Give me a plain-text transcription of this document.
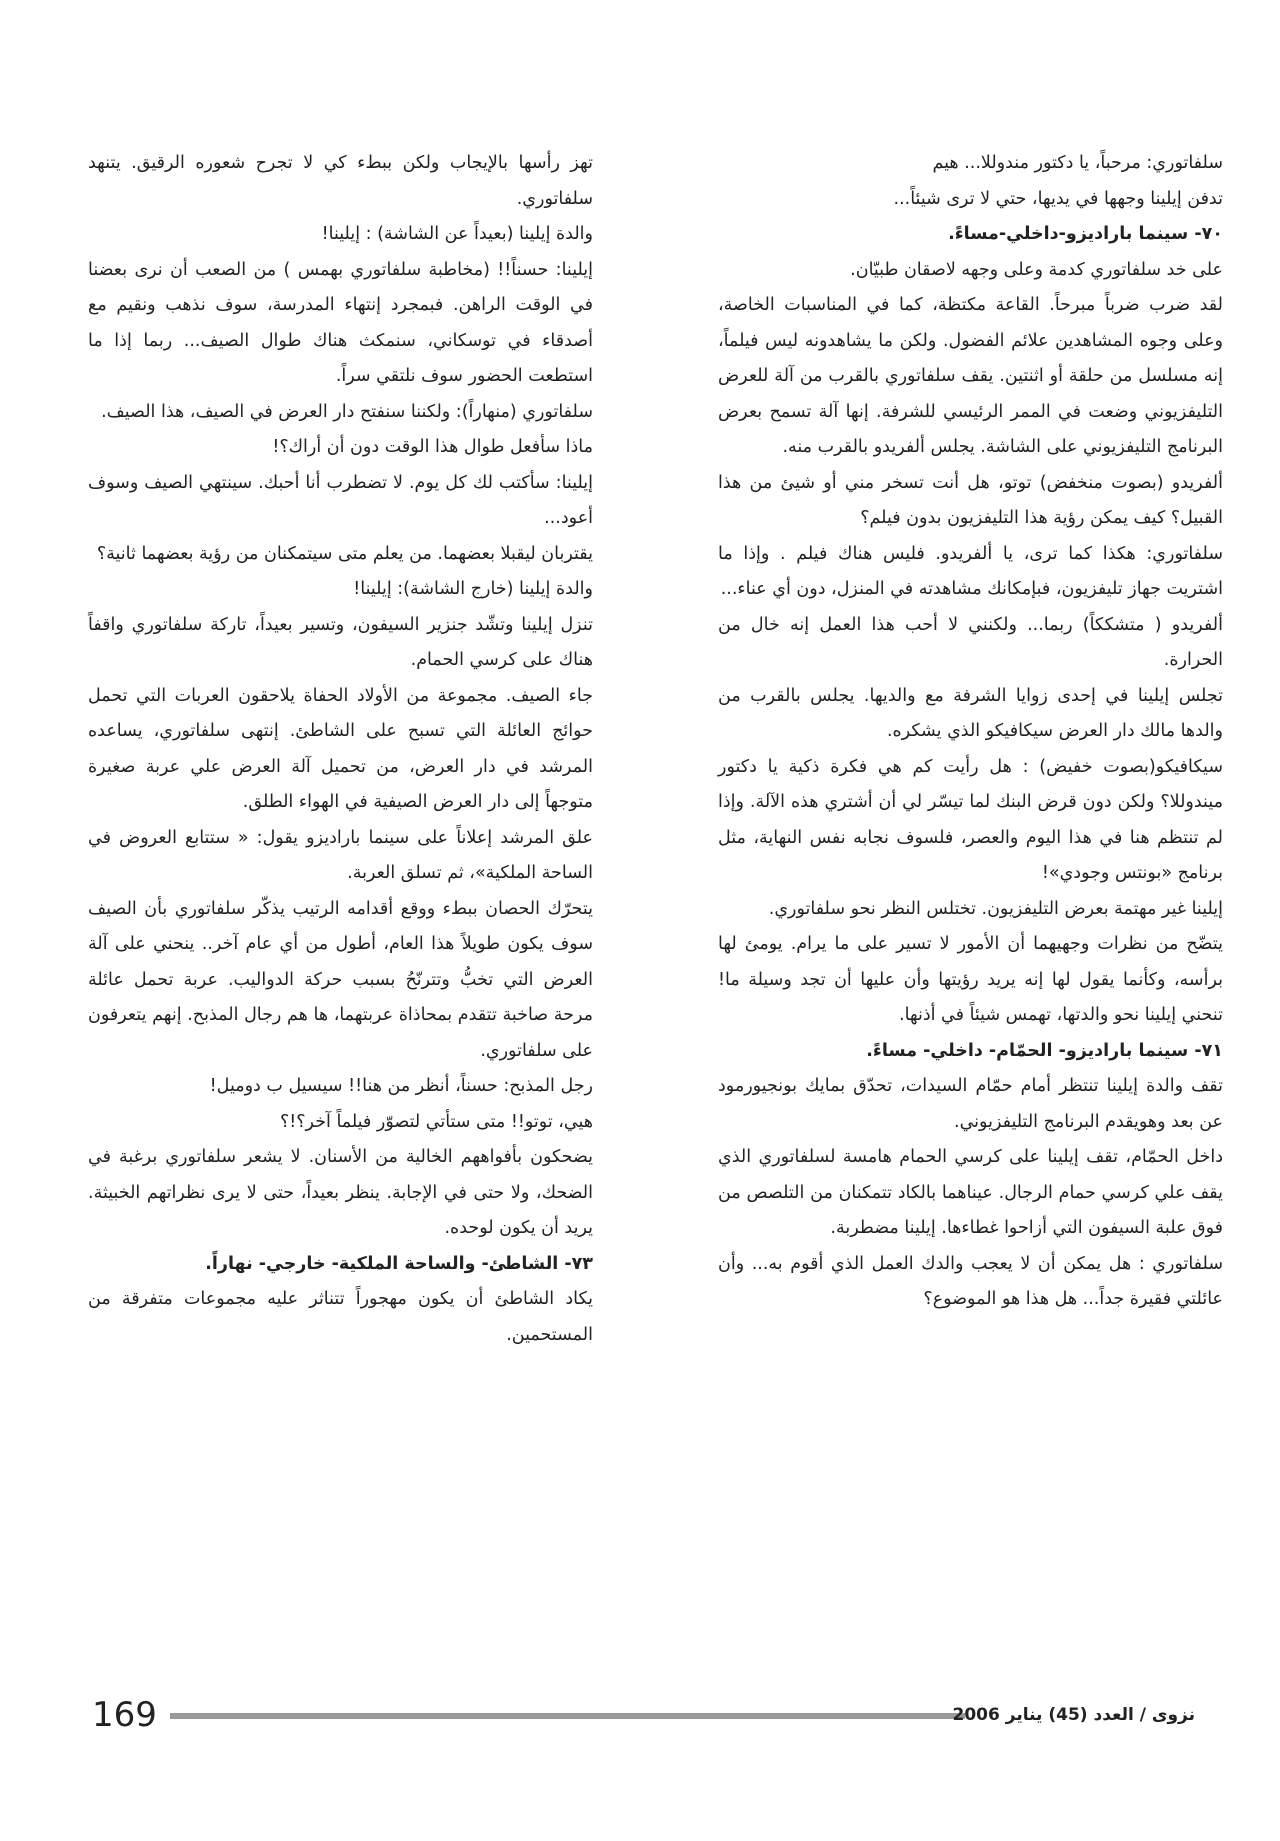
سلفاتوري: مرحباً، يا دكتور مندوللا... هيم

تدفن إيلينا وجهها في يديها، حتي لا ترى شيئاً...

٧٠- سينما باراديزو-داخلي-مساءً.

على خد سلفاتوري كدمة وعلى وجهه لاصقان طبيّان.

لقد ضرب ضرباً مبرحاً. القاعة مكتظة، كما في المناسبات الخاصة، وعلى وجوه المشاهدين علائم الفضول. ولكن ما يشاهدونه ليس فيلماً، إنه مسلسل من حلقة أو اثنتين. يقف سلفاتوري بالقرب من آلة للعرض التليفزيوني وضعت في الممر الرئيسي للشرفة. إنها آلة تسمح بعرض البرنامج التليفزيوني على الشاشة. يجلس ألفريدو بالقرب منه.

ألفريدو (بصوت منخفض) توتو، هل أنت تسخر مني أو شيئ من هذا القبيل؟ كيف يمكن رؤية هذا التليفزيون بدون فيلم؟

سلفاتوري: هكذا كما ترى، يا ألفريدو. فليس هناك فيلم . وإذا ما اشتريت جهاز تليفزيون، فبإمكانك مشاهدته في المنزل، دون أي عناء...

ألفريدو ( متشككاً) ربما... ولكنني لا أحب هذا العمل إنه خال من الحرارة.

تجلس إيلينا في إحدى زوايا الشرفة مع والديها. يجلس بالقرب من والدها مالك دار العرض سيكافيكو الذي يشكره.

سيكافيكو(بصوت خفيض) : هل رأيت كم هي فكرة ذكية يا دكتور ميندوللا؟ ولكن دون قرض البنك لما تيسّر لي أن أشتري هذه الآلة. وإذا لم تنتظم هنا في هذا اليوم والعصر، فلسوف نجابه نفس النهاية، مثل برنامج «بونتس وجودي»!

إيلينا غير مهتمة بعرض التليفزيون. تختلس النظر نحو سلفاتوري.

يتضّح من نظرات وجهيهما أن الأمور لا تسير على ما يرام. يومئ لها برأسه، وكأنما يقول لها إنه يريد رؤيتها وأن عليها أن تجد وسيلة ما! تنحني إيلينا نحو والدتها، تهمس شيئاً في أذنها.

٧١- سينما باراديزو- الحمّام- داخلي- مساءً.

تقف والدة إيلينا تنتظر أمام حمّام السيدات، تحدّق بمايك بونجيورمود عن بعد وهويقدم البرنامج التليفزيوني.

داخل الحمّام، تقف إيلينا على كرسي الحمام هامسة لسلفاتوري الذي يقف علي كرسي حمام الرجال. عيناهما بالكاد تتمكنان من التلصص من فوق علبة السيفون التي أزاحوا غطاءها. إيلينا مضطربة.

سلفاتوري : هل يمكن أن لا يعجب والدك العمل الذي أقوم به... وأن عائلتي فقيرة جداً... هل هذا هو الموضوع؟

تهز رأسها بالإيجاب ولكن ببطء كي لا تجرح شعوره الرقيق. يتنهد سلفاتوري.

والدة إيلينا (بعيداً عن الشاشة) : إيلينا!

إيلينا: حسناً!! (مخاطبة سلفاتوري بهمس ) من الصعب أن نرى بعضنا في الوقت الراهن. فبمجرد إنتهاء المدرسة، سوف نذهب ونقيم مع أصدقاء في توسكاني، سنمكث هناك طوال الصيف... ربما إذا ما استطعت الحضور سوف نلتقي سراً.

سلفاتوري (منهاراً): ولكننا سنفتح دار العرض في الصيف، هذا الصيف.

ماذا سأفعل طوال هذا الوقت دون أن أراك؟!

إيلينا: سأكتب لك كل يوم. لا تضطرب أنا أحبك. سينتهي الصيف وسوف أعود...

يقتربان ليقبلا بعضهما. من يعلم متى سيتمكنان من رؤية بعضهما ثانية؟

والدة إيلينا (خارج الشاشة): إيلينا!

تنزل إيلينا وتشّد جنزير السيفون، وتسير بعيداً، تاركة سلفاتوري واقفاً هناك على كرسي الحمام.

جاء الصيف. مجموعة من الأولاد الحفاة يلاحقون العربات التي تحمل حوائج العائلة التي تسبح على الشاطئ. إنتهى سلفاتوري، يساعده المرشد في دار العرض، من تحميل آلة العرض علي عربة صغيرة متوجهاً إلى دار العرض الصيفية في الهواء الطلق.

علق المرشد إعلاناً على سينما باراديزو يقول: « ستتابع العروض في الساحة الملكية»، ثم تسلق العربة.

يتحرّك الحصان ببطء ووقع أقدامه الرتيب يذكّر سلفاتوري بأن الصيف سوف يكون طويلاً هذا العام، أطول من أي عام آخر.. ينحني على آلة العرض التي تخبُّ وتترنّحُ بسبب حركة الدواليب. عربة تحمل عائلة مرحة صاخبة تتقدم بمحاذاة عربتهما، ها هم رجال المذبح. إنهم يتعرفون على سلفاتوري.

رجل المذبح: حسناً، أنظر من هنا!! سيسيل ب دوميل!

هيي، توتو!! متى ستأتي لتصوّر فيلماً آخر؟!؟

يضحكون بأفواههم الخالية من الأسنان. لا يشعر سلفاتوري برغبة في الضحك، ولا حتى في الإجابة. ينظر بعيداً، حتى لا يرى نظراتهم الخبيثة. يريد أن يكون لوحده.

٧٣- الشاطئ- والساحة الملكية- خارجي- نهاراً.

يكاد الشاطئ أن يكون مهجوراً تتناثر عليه مجموعات متفرقة من المستحمين.

169	نزوى / العدد (45) يناير 2006
